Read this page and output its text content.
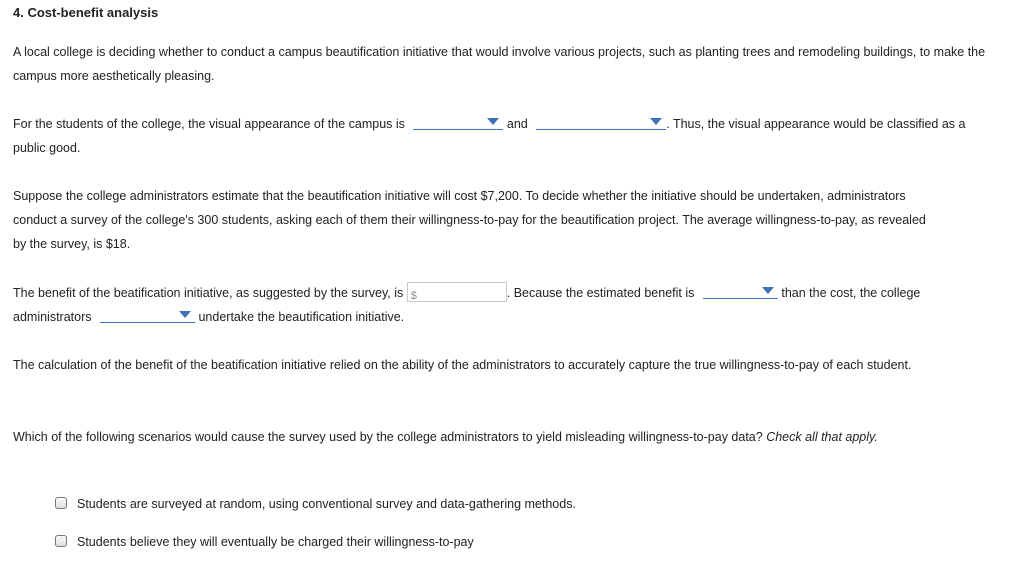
4. Cost-benefit analysis
A local college is deciding whether to conduct a campus beautification initiative that would involve various projects, such as planting trees and remodeling buildings, to make the campus more aesthetically pleasing.
For the students of the college, the visual appearance of the campus is	and	. Thus, the visual appearance would be classified as a public good.
Suppose the college administrators estimate that the beautification initiative will cost $7,200. To decide whether the initiative should be undertaken, administrators conduct a survey of the college's 300 students, asking each of them their willingness-to-pay for the beautification project. The average willingness-to-pay, as revealed by the survey, is $18.
The benefit of the beatification initiative, as suggested by the survey, is $	. Because the estimated benefit is	than the cost, the college administrators	undertake the beautification initiative.
The calculation of the benefit of the beatification initiative relied on the ability of the administrators to accurately capture the true willingness-to-pay of each student.
Which of the following scenarios would cause the survey used by the college administrators to yield misleading willingness-to-pay data? Check all that apply.
Students are surveyed at random, using conventional survey and data-gathering methods.
Students believe they will eventually be charged their willingness-to-pay
